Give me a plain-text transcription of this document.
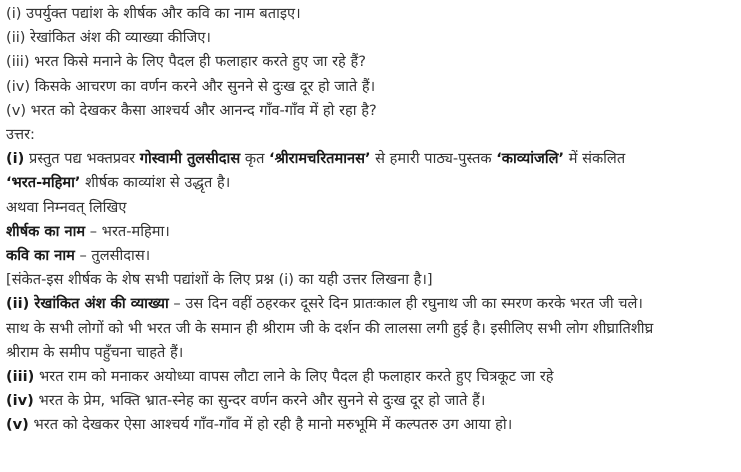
(i) उपर्युक्त पद्यांश के शीर्षक और कवि का नाम बताइए।
(ii) रेखांकित अंश की व्याख्या कीजिए।
(iii) भरत किसे मनाने के लिए पैदल ही फलाहार करते हुए जा रहे हैं?
(iv) किसके आचरण का वर्णन करने और सुनने से दुःख दूर हो जाते हैं।
(v) भरत को देखकर कैसा आश्चर्य और आनन्द गाँव-गाँव में हो रहा है?
उत्तर:
(i) प्रस्तुत पद्य भक्तप्रवर गोस्वामी तुलसीदास कृत ‘श्रीरामचरितमानस’ से हमारी पाठ्य-पुस्तक ‘काव्यांजलि’ में संकलित
‘भरत-महिमा’ शीर्षक काव्यांश से उद्धृत है।
अथवा निम्नवत् लिखिए
शीर्षक का नाम – भरत-महिमा।
कवि का नाम – तुलसीदास।
[संकेत-इस शीर्षक के शेष सभी पद्यांशों के लिए प्रश्न (i) का यही उत्तर लिखना है।]
(ii) रेखांकित अंश की व्याख्या – उस दिन वहीं ठहरकर दूसरे दिन प्रातःकाल ही रघुनाथ जी का स्मरण करके भरत जी चले।
साथ के सभी लोगों को भी भरत जी के समान ही श्रीराम जी के दर्शन की लालसा लगी हुई है। इसीलिए सभी लोग शीघ्रातिशीघ्र
श्रीराम के समीप पहुँचना चाहते हैं।
(iii) भरत राम को मनाकर अयोध्या वापस लौटा लाने के लिए पैदल ही फलाहार करते हुए चित्रकूट जा रहे
(iv) भरत के प्रेम, भक्ति भ्रात-स्नेह का सुन्दर वर्णन करने और सुनने से दुःख दूर हो जाते हैं।
(v) भरत को देखकर ऐसा आश्चर्य गाँव-गाँव में हो रही है मानो मरुभूमि में कल्पतरु उग आया हो।
